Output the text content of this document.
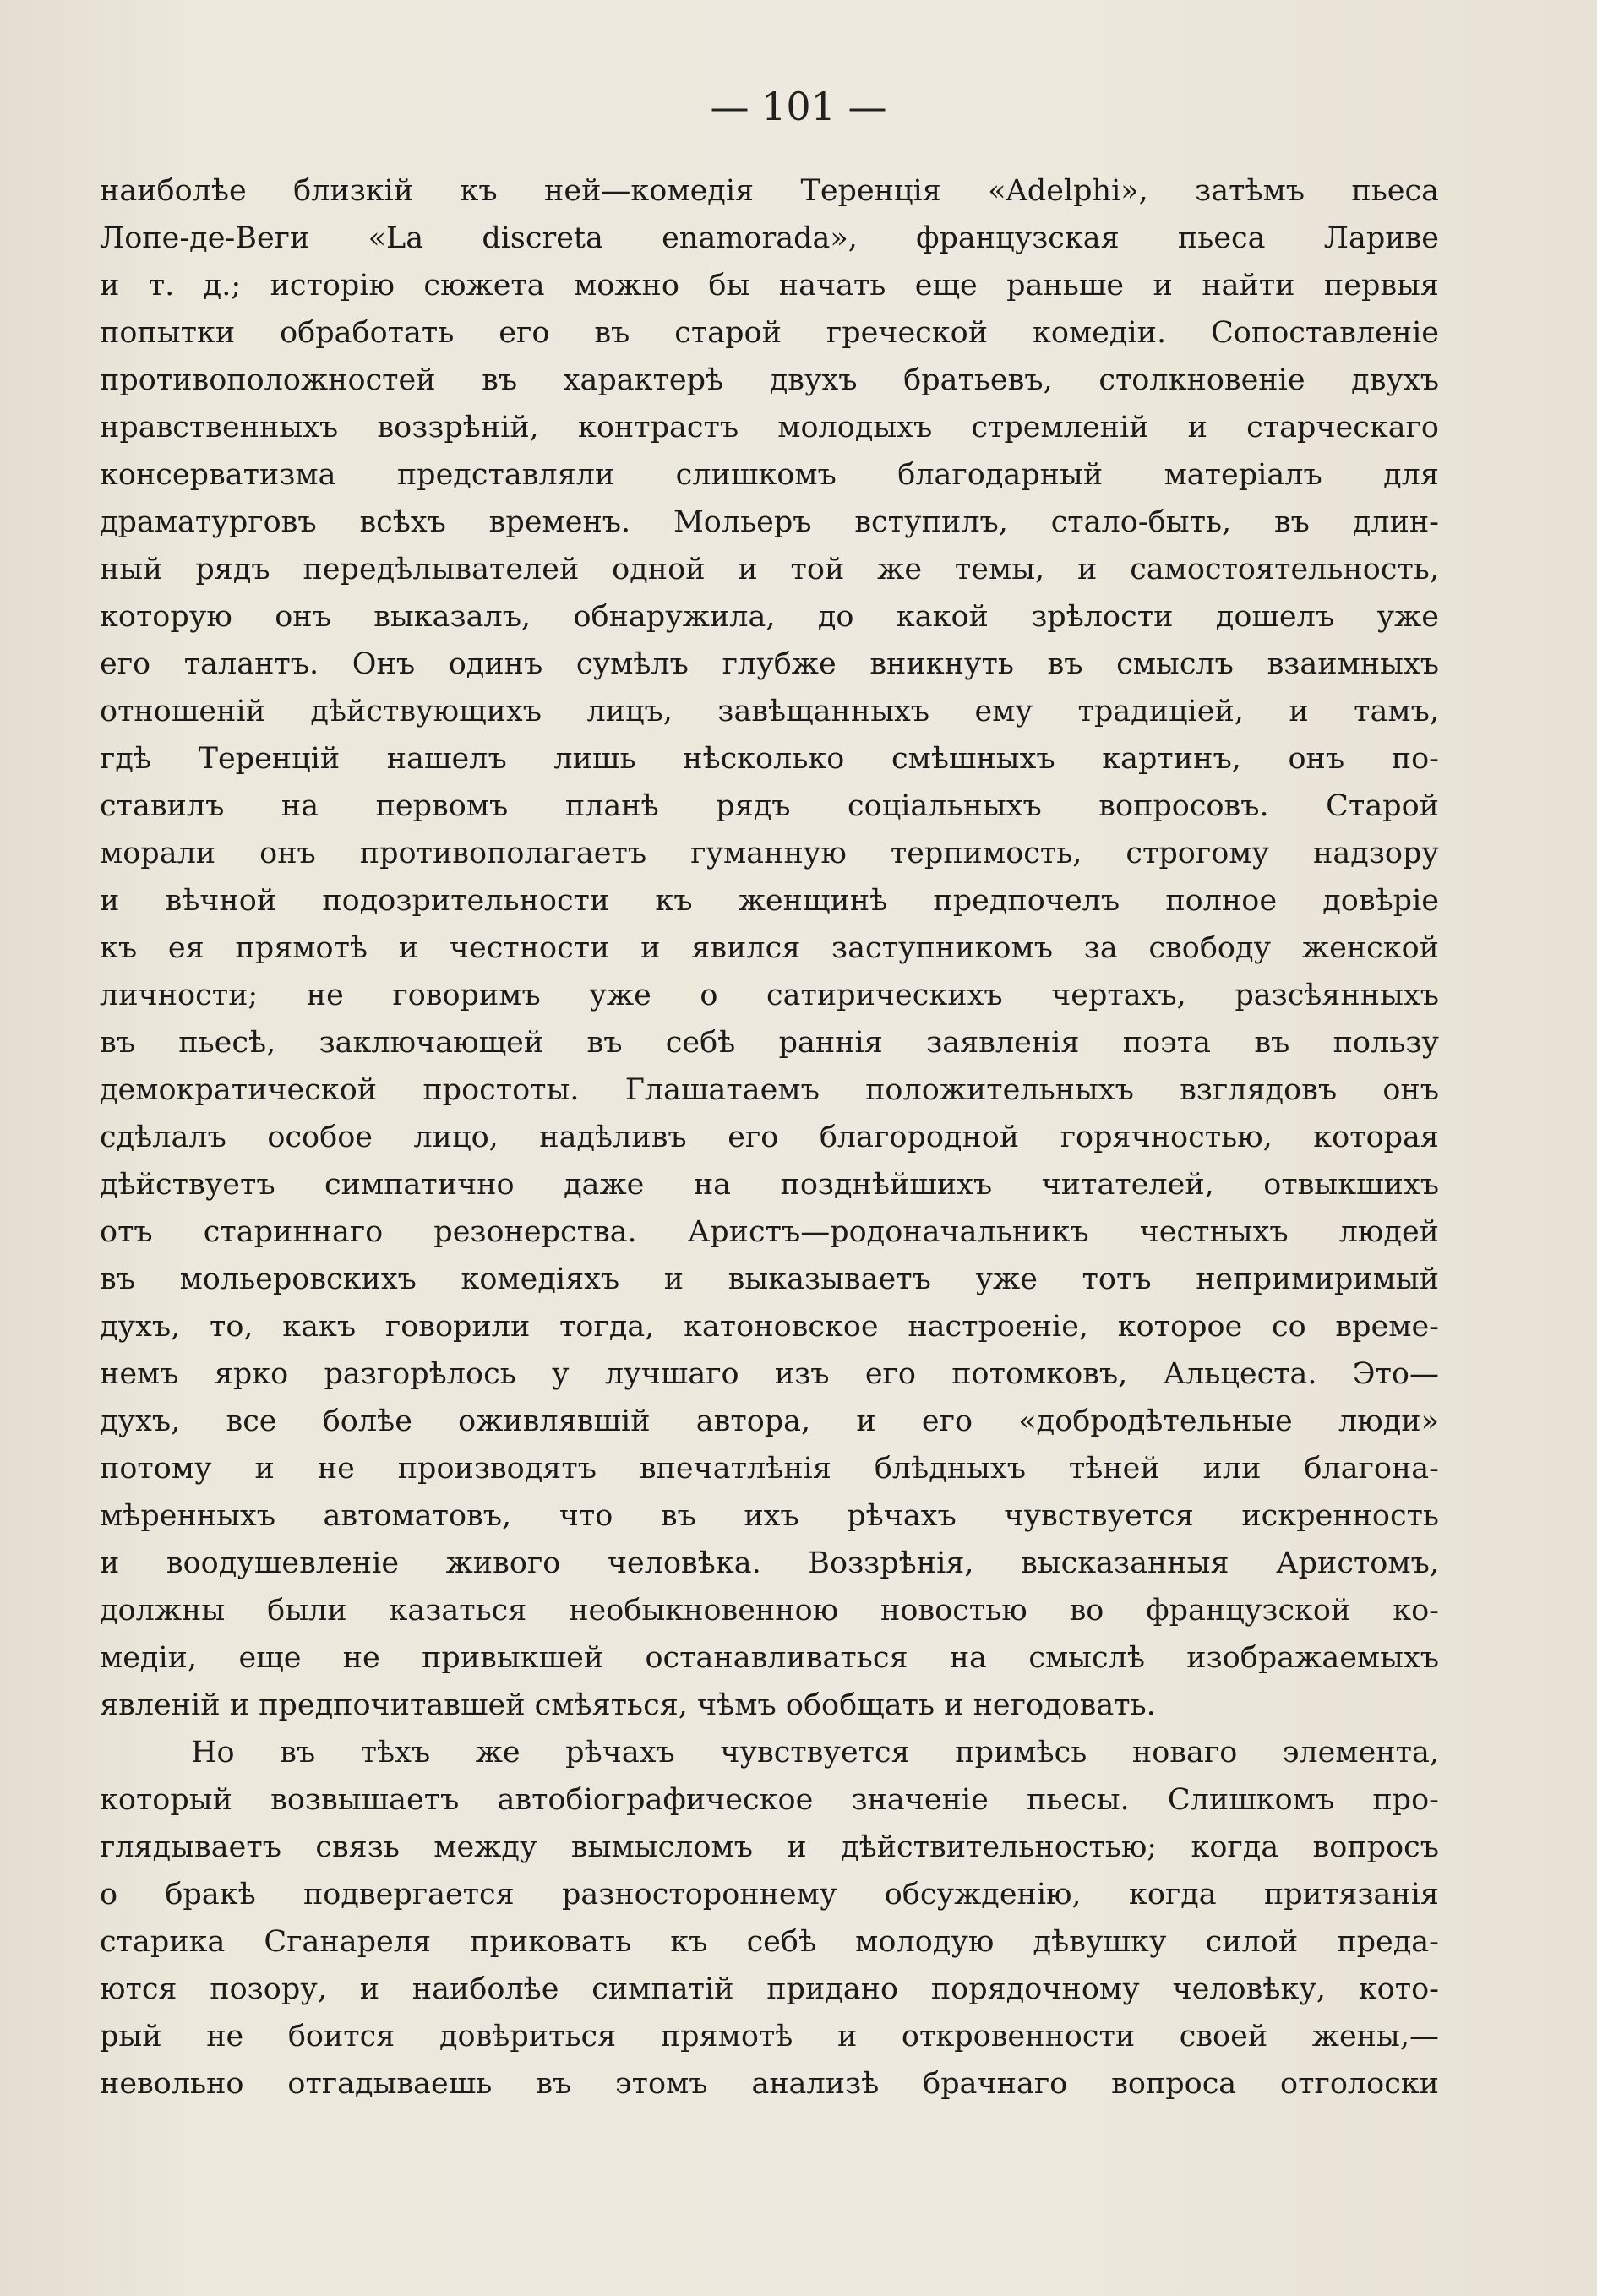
— 101 —
наиболѣе близкій къ ней—комедія Теренція «Adelphi», затѣмъ пьеса
Лопе-де-Веги «La discreta enamorada», французская пьеса Ларивe
и т. д.; исторію сюжета можно бы начать еще раньше и найти первыя
попытки обработать его въ старой греческой комедіи. Сопоставленіе
противоположностей въ характерѣ двухъ братьевъ, столкновеніе двухъ
нравственныхъ воззрѣній, контрастъ молодыхъ стремленій и старческаго
консерватизма представляли слишкомъ благодарный матеріалъ для
драматурговъ всѣхъ временъ. Мольеръ вступилъ, стало-быть, въ длин-
ный рядъ передѣлывателей одной и той же темы, и самостоятельность,
которую онъ выказалъ, обнаружила, до какой зрѣлости дошелъ уже
его талантъ. Онъ одинъ сумѣлъ глубже вникнуть въ смыслъ взаимныхъ
отношеній дѣйствующихъ лицъ, завѣщанныхъ ему традиціей, и тамъ,
гдѣ Теренцій нашелъ лишь нѣсколько смѣшныхъ картинъ, онъ по-
ставилъ на первомъ планѣ рядъ соціальныхъ вопросовъ. Старой
морали онъ противополагаетъ гуманную терпимость, строгому надзору
и вѣчной подозрительности къ женщинѣ предпочелъ полное довѣріе
къ ея прямотѣ и честности и явился заступникомъ за свободу женской
личности; не говоримъ уже о сатирическихъ чертахъ, разсѣянныхъ
въ пьесѣ, заключающей въ себѣ раннія заявленія поэта въ пользу
демократической простоты. Глашатаемъ положительныхъ взглядовъ онъ
сдѣлалъ особое лицо, надѣливъ его благородной горячностью, которая
дѣйствуетъ симпатично даже на позднѣйшихъ читателей, отвыкшихъ
отъ стариннаго резонерства. Аристъ—родоначальникъ честныхъ людей
въ мольеровскихъ комедіяхъ и выказываетъ уже тотъ непримиримый
духъ, то, какъ говорили тогда, катоновское настроеніе, которое со време-
немъ ярко разгорѣлось у лучшаго изъ его потомковъ, Альцеста. Это—
духъ, все болѣе оживлявшій автора, и его «добродѣтельные люди»
потому и не производятъ впечатлѣнія блѣдныхъ тѣней или благона-
мѣренныхъ автоматовъ, что въ ихъ рѣчахъ чувствуется искренность
и воодушевленіе живого человѣка. Воззрѣнія, высказанныя Аристомъ,
должны были казаться необыкновенною новостью во французской ко-
медіи, еще не привыкшей останавливаться на смыслѣ изображаемыхъ
явленій и предпочитавшей смѣяться, чѣмъ обобщать и негодовать.
Но въ тѣхъ же рѣчахъ чувствуется примѣсь новаго элемента,
который возвышаетъ автобіографическое значеніе пьесы. Слишкомъ про-
глядываетъ связь между вымысломъ и дѣйствительностью; когда вопросъ
о бракѣ подвергается разностороннему обсужденію, когда притязанія
старика Сганареля приковать къ себѣ молодую дѣвушку силой преда-
ются позору, и наиболѣе симпатій придано порядочному человѣку, кото-
рый не боится довѣриться прямотѣ и откровенности своей жены,—
невольно отгадываешь въ этомъ анализѣ брачнаго вопроса отголоски
